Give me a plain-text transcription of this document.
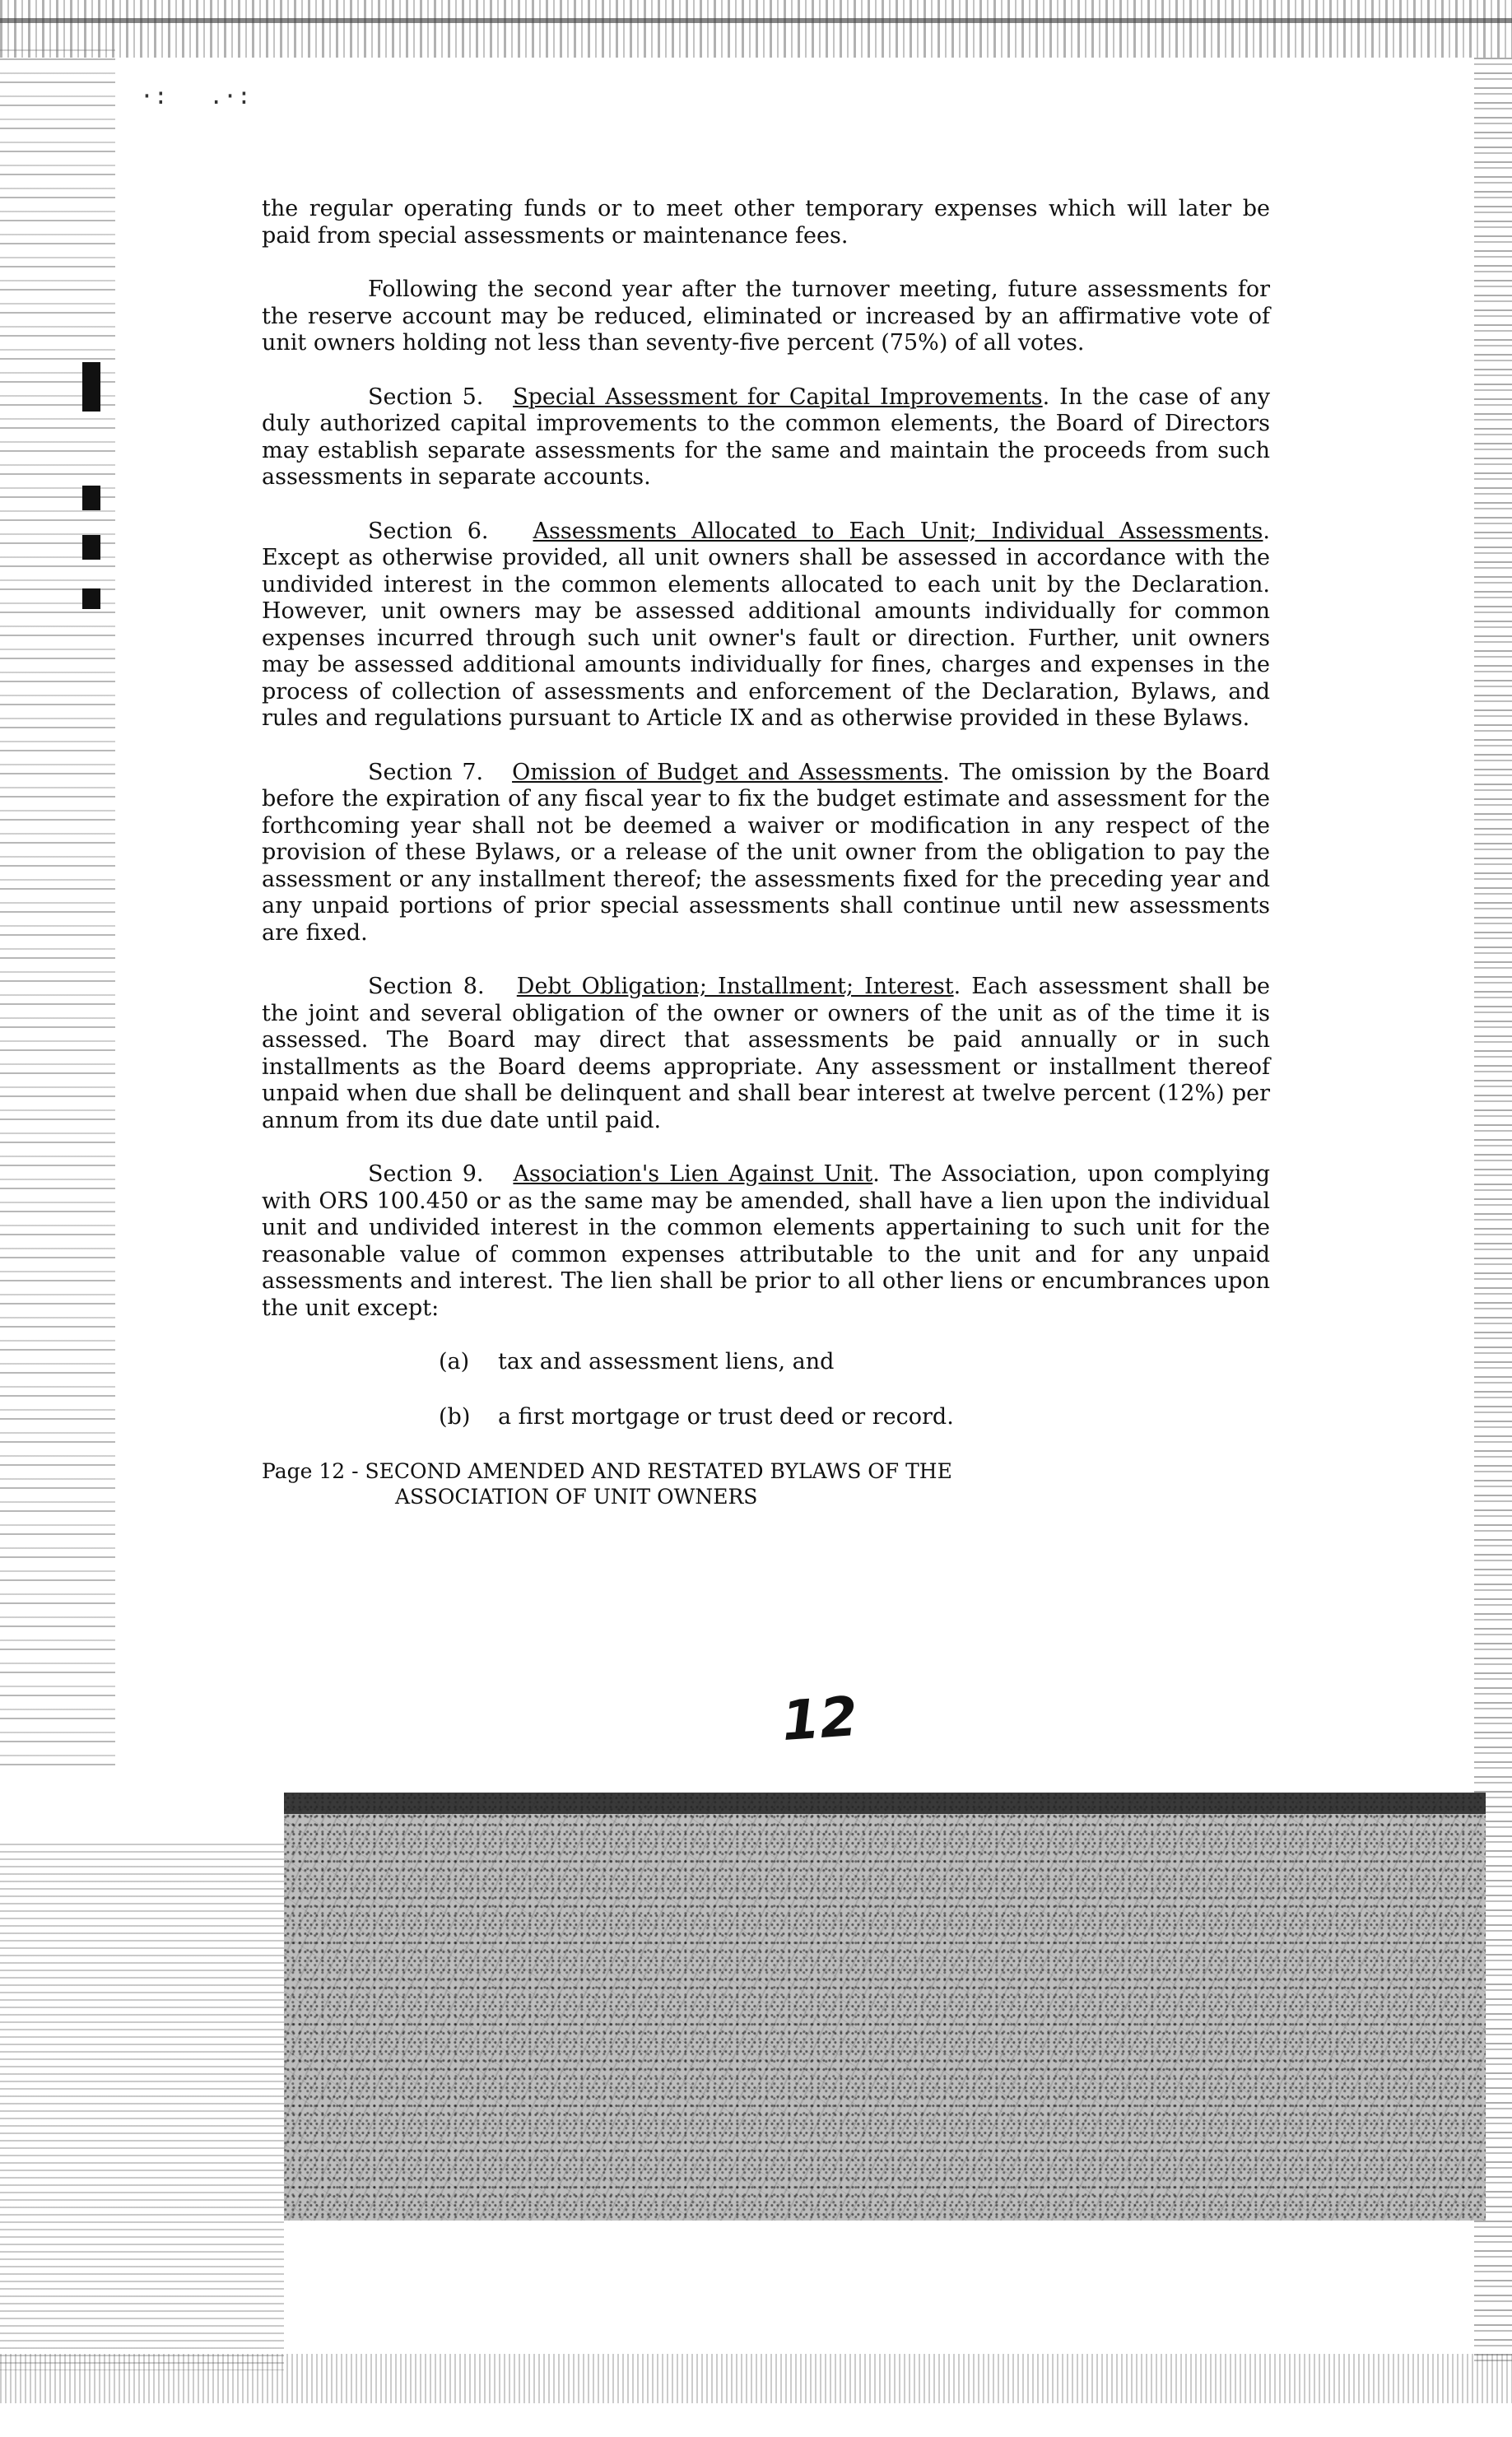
·:   .·:

the regular operating funds or to meet other temporary expenses which will later be paid from special assessments or maintenance fees.

Following the second year after the turnover meeting, future assessments for the reserve account may be reduced, eliminated or increased by an affirmative vote of unit owners holding not less than seventy-five percent (75%) of all votes.

Section 5. Special Assessment for Capital Improvements. In the case of any duly authorized capital improvements to the common elements, the Board of Directors may establish separate assessments for the same and maintain the proceeds from such assessments in separate accounts.

Section 6. Assessments Allocated to Each Unit; Individual Assessments. Except as otherwise provided, all unit owners shall be assessed in accordance with the undivided interest in the common elements allocated to each unit by the Declaration. However, unit owners may be assessed additional amounts individually for common expenses incurred through such unit owner's fault or direction. Further, unit owners may be assessed additional amounts individually for fines, charges and expenses in the process of collection of assessments and enforcement of the Declaration, Bylaws, and rules and regulations pursuant to Article IX and as otherwise provided in these Bylaws.

Section 7. Omission of Budget and Assessments. The omission by the Board before the expiration of any fiscal year to fix the budget estimate and assessment for the forthcoming year shall not be deemed a waiver or modification in any respect of the provision of these Bylaws, or a release of the unit owner from the obligation to pay the assessment or any installment thereof; the assessments fixed for the preceding year and any unpaid portions of prior special assessments shall continue until new assessments are fixed.

Section 8. Debt Obligation; Installment; Interest. Each assessment shall be the joint and several obligation of the owner or owners of the unit as of the time it is assessed. The Board may direct that assessments be paid annually or in such installments as the Board deems appropriate. Any assessment or installment thereof unpaid when due shall be delinquent and shall bear interest at twelve percent (12%) per annum from its due date until paid.

Section 9. Association's Lien Against Unit. The Association, upon complying with ORS 100.450 or as the same may be amended, shall have a lien upon the individual unit and undivided interest in the common elements appertaining to such unit for the reasonable value of common expenses attributable to the unit and for any unpaid assessments and interest. The lien shall be prior to all other liens or encumbrances upon the unit except:

(a) tax and assessment liens, and
(b) a first mortgage or trust deed or record.
Page 12 - SECOND AMENDED AND RESTATED BYLAWS OF THE
ASSOCIATION OF UNIT OWNERS
12
